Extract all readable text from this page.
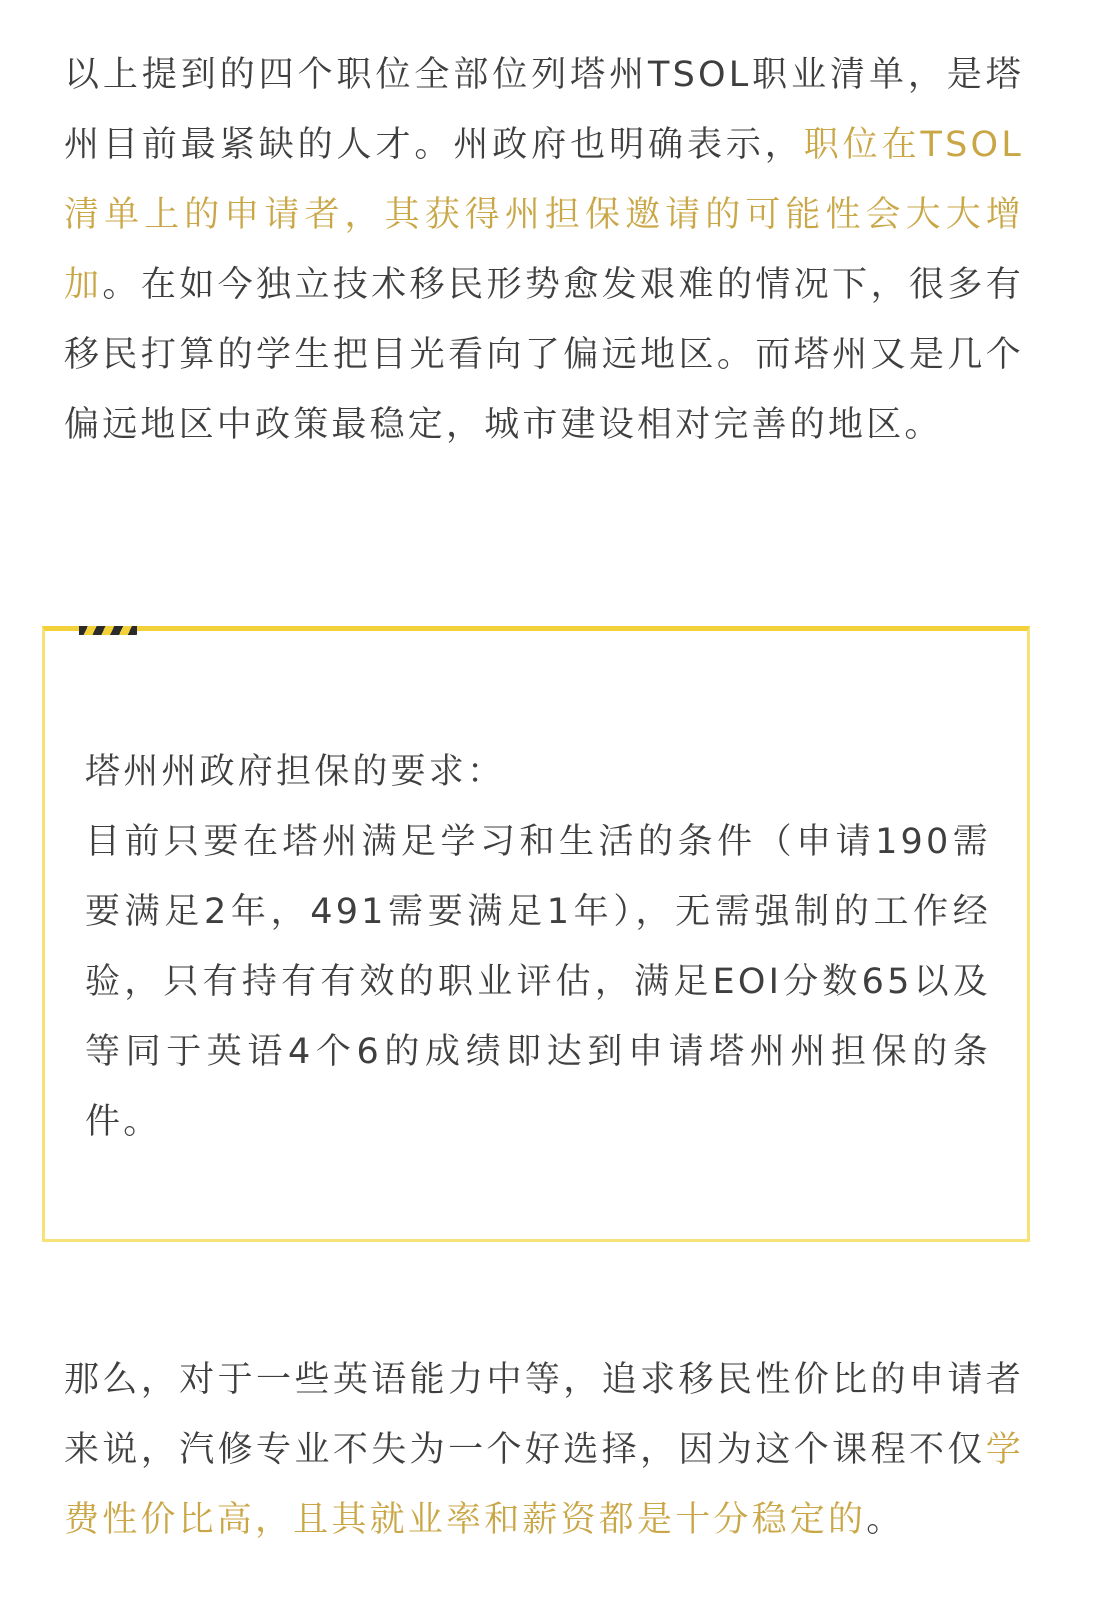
以上提到的四个职位全部位列塔州TSOL职业清单，是塔州目前最紧缺的人才。州政府也明确表示，职位在TSOL清单上的申请者，其获得州担保邀请的可能性会大大增加。在如今独立技术移民形势愈发艰难的情况下，很多有移民打算的学生把目光看向了偏远地区。而塔州又是几个偏远地区中政策最稳定，城市建设相对完善的地区。

塔州州政府担保的要求：
目前只要在塔州满足学习和生活的条件（申请190需要满足2年，491需要满足1年），无需强制的工作经验，只有持有有效的职业评估，满足EOI分数65以及等同于英语4个6的成绩即达到申请塔州州担保的条件。

那么，对于一些英语能力中等，追求移民性价比的申请者来说，汽修专业不失为一个好选择，因为这个课程不仅学费性价比高，且其就业率和薪资都是十分稳定的。
